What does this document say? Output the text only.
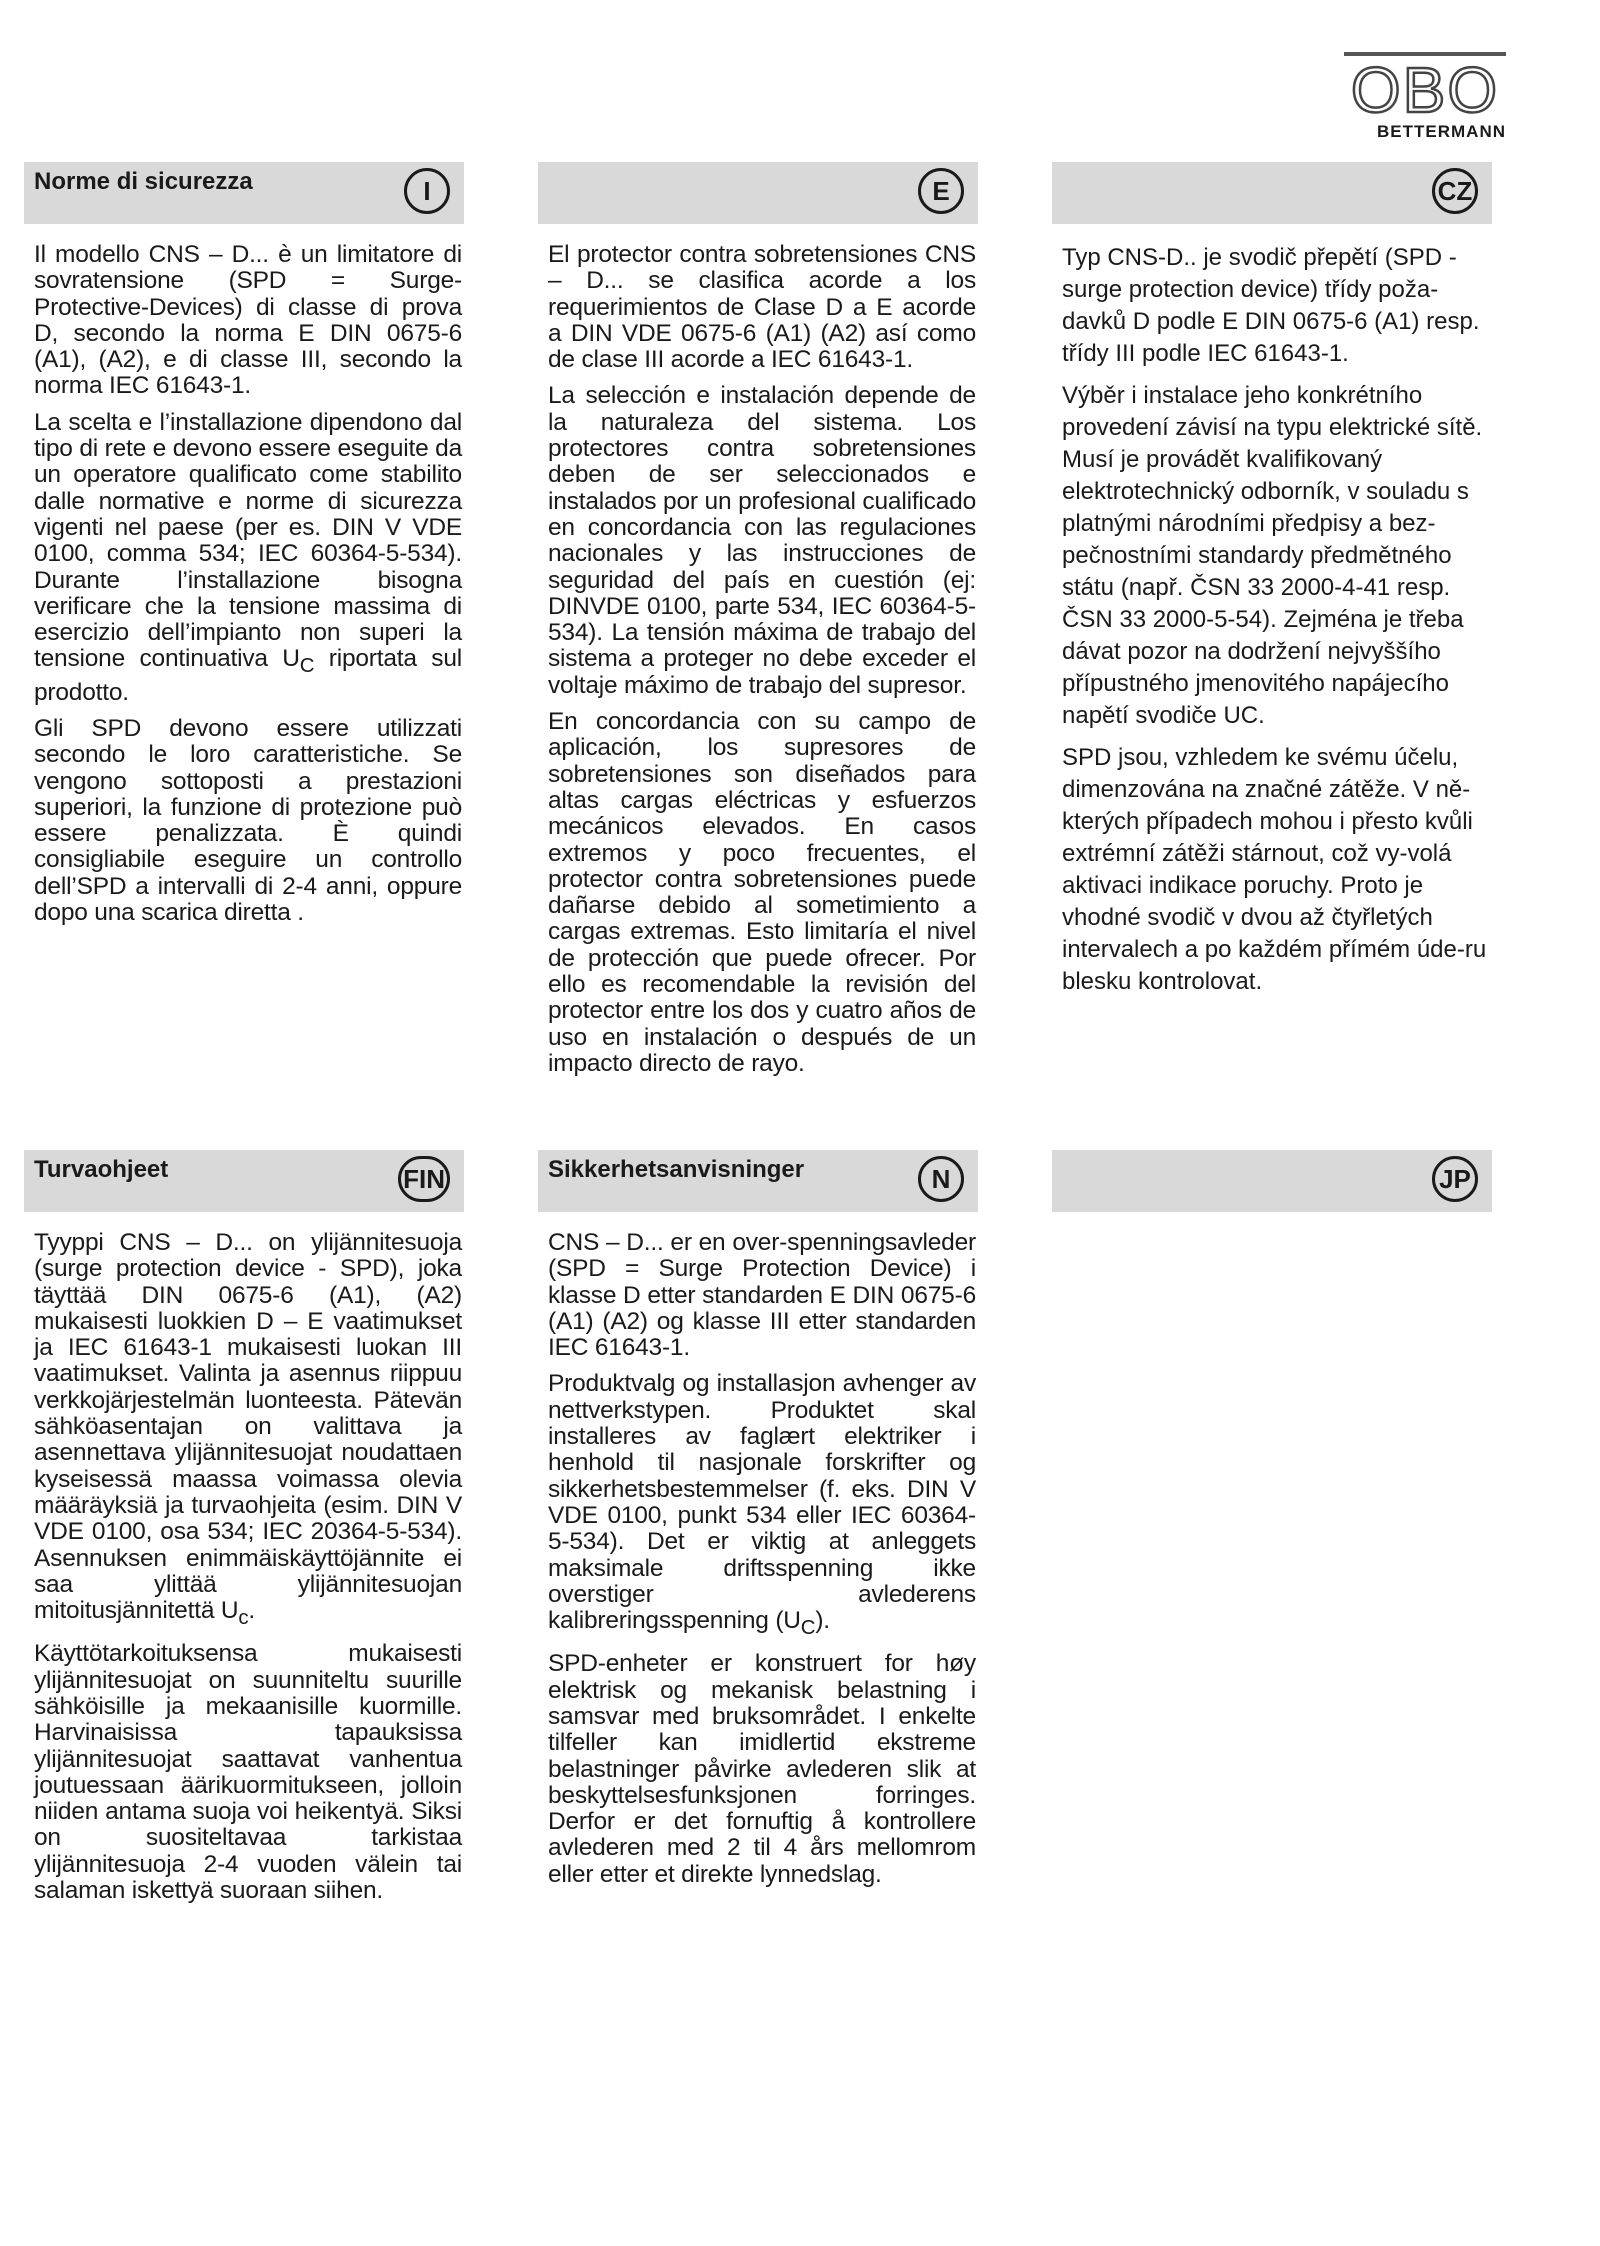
OBO
BETTERMANN
Norme di sicurezza	I

Il modello CNS – D... è un limitatore di sovratensione (SPD = Surge-Protective-Devices) di classe di prova D, secondo la norma E DIN 0675-6 (A1), (A2), e di classe III, secondo la norma IEC 61643-1.

La scelta e l’installazione dipendono dal tipo di rete e devono essere eseguite da un operatore qualificato come stabilito dalle normative e norme di sicurezza vigenti nel paese (per es. DIN V VDE 0100, comma 534; IEC 60364-5-534). Durante l’installazione bisogna verificare che la tensione massima di esercizio dell’impianto non superi la tensione continuativa $U_C$ riportata sul prodotto.

Gli SPD devono essere utilizzati secondo le loro caratteristiche. Se vengono sottoposti a prestazioni superiori, la funzione di protezione può essere penalizzata. È quindi consigliabile eseguire un controllo dell’SPD a intervalli di 2-4 anni, oppure dopo una scarica diretta .

E

El protector contra sobretensiones CNS – D... se clasifica acorde a los requerimientos de Clase D a E acorde a DIN VDE 0675-6 (A1) (A2) así como de clase III acorde a IEC 61643-1.

La selección e instalación depende de la naturaleza del sistema. Los protectores contra sobretensiones deben de ser seleccionados e instalados por un profesional cualificado en concordancia con las regulaciones nacionales y las instrucciones de seguridad del país en cuestión (ej: DINVDE 0100, parte 534, IEC 60364-5-534). La tensión máxima de trabajo del sistema a proteger no debe exceder el voltaje máximo de trabajo del supresor.

En concordancia con su campo de aplicación, los supresores de sobretensiones son diseñados para altas cargas eléctricas y esfuerzos mecánicos elevados. En casos extremos y poco frecuentes, el protector contra sobretensiones puede dañarse debido al sometimiento a cargas extremas. Esto limitaría el nivel de protección que puede ofrecer. Por ello es recomendable la revisión del protector entre los dos y cuatro años de uso en instalación o después de un impacto directo de rayo.

CZ

Typ CNS-D.. je svodič přepětí (SPD - surge protection device) třídy poža-davků D podle E DIN 0675-6 (A1) resp. třídy III podle IEC 61643-1.

Výběr i instalace jeho konkrétního provedení závisí na typu elektrické sítě. Musí je provádět kvalifikovaný elektrotechnický odborník, v souladu s platnými národními předpisy a bez-pečnostními standardy předmětného státu (např. ČSN 33 2000-4-41 resp. ČSN 33 2000-5-54). Zejména je třeba dávat pozor na dodržení nejvyššího přípustného jmenovitého napájecího napětí svodiče UC.

SPD jsou, vzhledem ke svému účelu, dimenzována na značné zátěže. V ně-kterých případech mohou i přesto kvůli extrémní zátěži stárnout, což vy-volá aktivaci indikace poruchy. Proto je vhodné svodič v dvou až čtyřletých intervalech a po každém přímém úde-ru blesku kontrolovat.

Turvaohjeet	FIN

Tyyppi CNS – D... on ylijännitesuoja (surge protection device - SPD), joka täyttää DIN 0675-6 (A1), (A2) mukaisesti luokkien D – E vaatimukset ja IEC 61643-1 mukaisesti luokan III vaatimukset. Valinta ja asennus riippuu verkkojärjestelmän luonteesta. Pätevän sähköasentajan on valittava ja asennettava ylijännitesuojat noudattaen kyseisessä maassa voimassa olevia määräyksiä ja turvaohjeita (esim. DIN V VDE 0100, osa 534; IEC 20364-5-534). Asennuksen enimmäiskäyttöjännite ei saa ylittää ylijännitesuojan mitoitusjännitettä $U_c$.

Käyttötarkoituksensa mukaisesti ylijännitesuojat on suunniteltu suurille sähköisille ja mekaanisille kuormille. Harvinaisissa tapauksissa ylijännitesuojat saattavat vanhentua joutuessaan äärikuormitukseen, jolloin niiden antama suoja voi heikentyä. Siksi on suositeltavaa tarkistaa ylijännitesuoja 2-4 vuoden välein tai salaman iskettyä suoraan siihen.

Sikkerhetsanvisninger	N

CNS – D... er en over-spenningsavleder (SPD = Surge Protection Device) i klasse D etter standarden E DIN 0675-6 (A1) (A2) og klasse III etter standarden IEC 61643-1.

Produktvalg og installasjon avhenger av nettverkstypen. Produktet skal installeres av faglært elektriker i henhold til nasjonale forskrifter og sikkerhetsbestemmelser (f. eks. DIN V VDE 0100, punkt 534 eller IEC 60364-5-534). Det er viktig at anleggets maksimale driftsspenning ikke overstiger avlederens kalibreringsspenning $(U_C)$.

SPD-enheter er konstruert for høy elektrisk og mekanisk belastning i samsvar med bruksområdet. I enkelte tilfeller kan imidlertid ekstreme belastninger påvirke avlederen slik at beskyttelsesfunksjonen forringes. Derfor er det fornuftig å kontrollere avlederen med 2 til 4 års mellomrom eller etter et direkte lynnedslag.

JP
